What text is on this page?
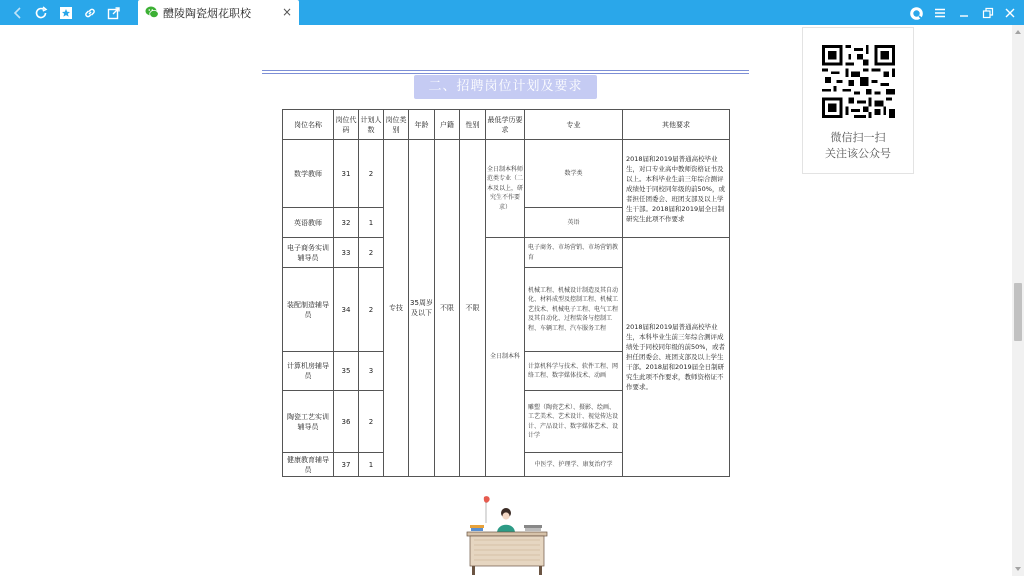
醴陵陶瓷烟花职校	×
二、招聘岗位计划及要求
岗位名称	岗位代码	计划人数	岗位类别	年龄	户籍	性别	最低学历要求	专业	其他要求
数学教师	31	2	专技	35周岁及以下	不限	不限	全日制本科师范类专业（二本及以上，研究生不作要求）	数学类	2018届和2019届普通高校毕业生，对口专业高中教师资格证书及以上。本科毕业生前三年综合测评成绩处于同校同年级的前50%，或者担任团委会、班团支部及以上学生干部。2018届和2019届全日制研究生此项不作要求
英语教师	32	1						英语	
电子商务实训辅导员	33	2					全日制本科	电子商务、市场营销、市场营销教育	2018届和2019届普通高校毕业生，本科毕业生前三年综合测评成绩处于同校同年级的前50%，或者担任团委会、班团支部及以上学生干部。2018届和2019届全日制研究生此项不作要求，教师资格证不作要求。
装配制造辅导员	34	2						机械工程、机械设计制造及其自动化、材料成型及控制工程、机械工艺技术、机械电子工程、电气工程及其自动化、过程装备与控制工程、车辆工程、汽车服务工程	
计算机房辅导员	35	3						计算机科学与技术、软件工程、网络工程、数字媒体技术、动画	
陶瓷工艺实训辅导员	36	2						雕塑（陶瓷艺术）、摄影、绘画、工艺美术、艺术设计、视觉传达设计、产品设计、数字媒体艺术、设计学	
健康教育辅导员	37	1						中医学、护理学、康复治疗学	
微信扫一扫
关注该公众号
